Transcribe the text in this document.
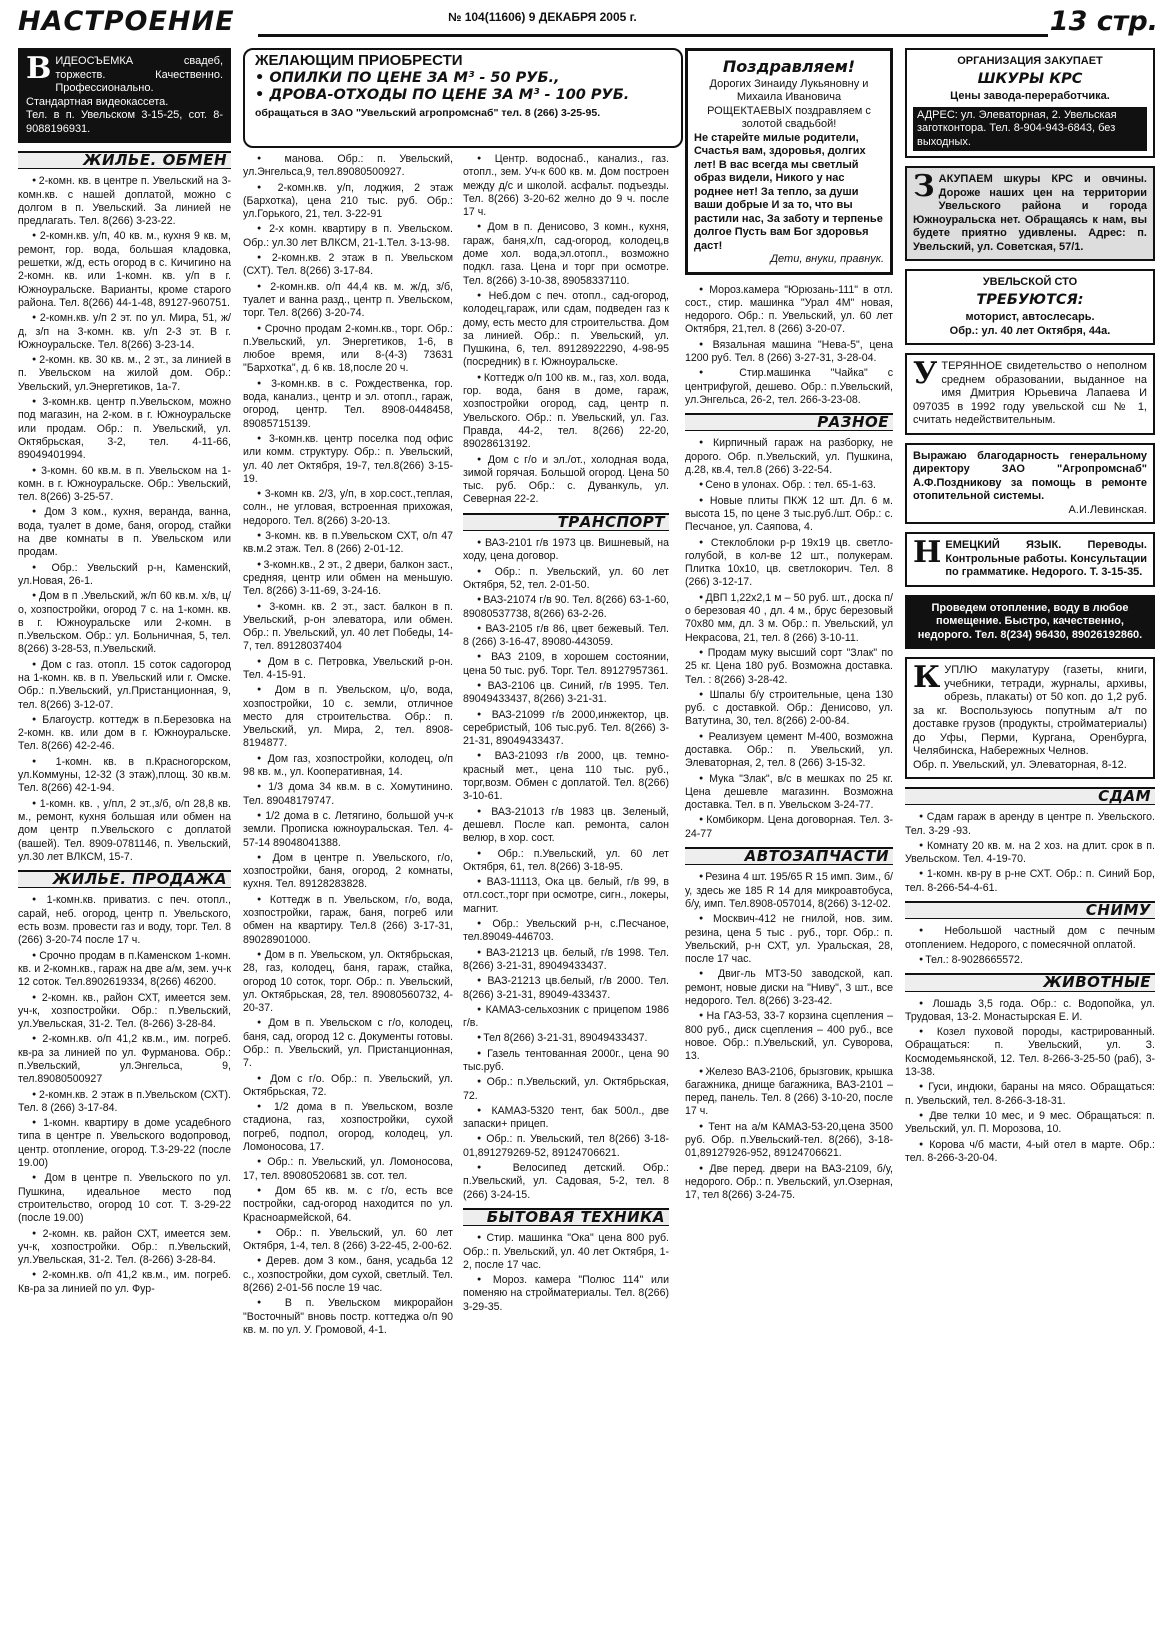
НАСТРОЕНИЕ	№ 104(11606) 9 ДЕКАБРЯ 2005 г.	13 стр.
В ИДЕОСЪЕМКА свадеб, торжеств. Качественно. Профессионально. Стандартная видеокассета.
Тел. в п. Увельском 3-15-25, сот. 8-9088196931.
ЖИЛЬЕ. ОБМЕН

● 2-комн. кв. в центре п. Увельский на 3-комн.кв. с нашей доплатой, можно с долгом в п. Увельский. За линией не предлагать. Тел. 8(266) 3-23-22.

● 2-комн.кв. у/п, 40 кв. м., кухня 9 кв. м, ремонт, гор. вода, большая кладовка, решетки, ж/д, есть огород в с. Кичигино на 2-комн. кв. или 1-комн. кв. у/п в г. Южноуральске. Варианты, кроме старого района. Тел. 8(266) 44-1-48, 89127-960751.

● 2-комн.кв. у/п 2 эт. по ул. Мира, 51, ж/д, з/п на 3-комн. кв. у/п 2-3 эт. В г. Южноуральске. Тел. 8(266) 3-23-14.

● 2-комн. кв. 30 кв. м., 2 эт., за линией в п. Увельском на жилой дом. Обр.: Увельский, ул.Энергетиков, 1а-7.

● 3-комн.кв. центр п.Увельском, можно под магазин, на 2-ком. в г. Южноуральске или продам. Обр.: п. Увельский, ул. Октябрьская, 3-2, тел. 4-11-66, 89049401994.

● 3-комн. 60 кв.м. в п. Увельском на 1-комн. в г. Южноуральске. Обр.: Увельский, тел. 8(266) 3-25-57.

● Дом 3 ком., кухня, веранда, ванна, вода, туалет в доме, баня, огород, стайки на две комнаты в п. Увельском или продам.

● Обр.: Увельский р-н, Каменский, ул.Новая, 26-1.

● Дом в п .Увельский, ж/п 60 кв.м. х/в, ц/о, хозпостройки, огород 7 с. на 1-комн. кв. в г. Южноуральске или 2-комн. в п.Увельском. Обр.: ул. Больничная, 5, тел. 8(266) 3-28-53, п.Увельский.

● Дом с газ. отопл. 15 соток садогород на 1-комн. кв. в п. Увельский или г. Омске. Обр.: п.Увельский, ул.Пристанционная, 9, тел. 8(266) 3-12-07.

● Благоустр. коттедж в п.Березовка на 2-комн. кв. или дом в г. Южноуральске. Тел. 8(266) 42-2-46.

● 1-комн. кв. в п.Красногорском, ул.Коммуны, 12-32 (3 этаж),площ. 30 кв.м. Тел. 8(266) 42-1-94.

● 1-комн. кв. , у/пл, 2 эт.,з/б, о/п 28,8 кв. м., ремонт, кухня большая или обмен на дом центр п.Увельского с доплатой (вашей). Тел. 8909-0781146, п. Увельский, ул.30 лет ВЛКСМ, 15-7.

ЖИЛЬЕ. ПРОДАЖА

● 1-комн.кв. приватиз. с печ. отопл., сарай, неб. огород, центр п. Увельского, есть возм. провести газ и воду, торг. Тел. 8 (266) 3-20-74 после 17 ч.

● Срочно продам в п.Каменском 1-комн. кв. и 2-комн.кв., гараж на две а/м, зем. уч-к 12 соток. Тел.8902619334, 8(266) 46200.

● 2-комн. кв., район СХТ, имеется зем. уч-к, хозпостройки. Обр.: п.Увельский, ул.Увельская, 31-2. Тел. (8-266) 3-28-84.

● 2-комн.кв. о/п 41,2 кв.м., им. погреб. кв-ра за линией по ул. Фурманова. Обр.: п.Увельский, ул.Энгельса, 9, тел.89080500927

● 2-комн.кв. 2 этаж в п.Увельском (СХТ). Тел. 8 (266) 3-17-84.

● 1-комн. квартиру в доме усадебного типа в центре п. Увельского водопровод, центр. отопление, огород. Т.3-29-22 (после 19.00)

● Дом в центре п. Увельского по ул. Пушкина, идеальное место под строительство, огород 10 сот. Т. 3-29-22 (после 19.00)

● 2-комн. кв. район СХТ, имеется зем. уч-к, хозпостройки. Обр.: п.Увельский, ул.Увельская, 31-2. Тел. (8-266) 3-28-84.

● 2-комн.кв. о/п 41,2 кв.м., им. погреб. Кв-ра за линией по ул. Фур-

ЖЕЛАЮЩИМ ПРИОБРЕСТИ
• ОПИЛКИ ПО ЦЕНЕ ЗА М³ - 50 РУБ.,
• ДРОВА-ОТХОДЫ ПО ЦЕНЕ ЗА М³ - 100 РУБ.
обращаться в ЗАО "Увельский агропромснаб" тел. 8 (266) 3-25-95.

● манова. Обр.: п. Увельский, ул.Энгельса,9, тел.89080500927.

● 2-комн.кв. у/п, лоджия, 2 этаж (Бархотка), цена 210 тыс. руб. Обр.: ул.Горького, 21, тел. 3-22-91

● 2-х комн. квартиру в п. Увельском. Обр.: ул.30 лет ВЛКСМ, 21-1.Тел. 3-13-98.

● 2-комн.кв. 2 этаж в п. Увельском (СХТ). Тел. 8(266) 3-17-84.

● 2-комн.кв. о/п 44,4 кв. м. ж/д, з/б, туалет и ванна разд., центр п. Увельском, торг. Тел. 8(266) 3-20-74.

● Срочно продам 2-комн.кв., торг. Обр.: п.Увельский, ул. Энергетиков, 1-6, в любое время, или 8-(4-3) 73631 "Бархотка", д. 6 кв. 18,после 20 ч.

● 3-комн.кв. в с. Рождественка, гор. вода, канализ., центр и эл. отопл., гараж, огород, центр. Тел. 8908-0448458, 89085715139.

● 3-комн.кв. центр поселка под офис или комм. структуру. Обр.: п. Увельский, ул. 40 лет Октября, 19-7, тел.8(266) 3-15-19.

● 3-комн кв. 2/3, у/п, в хор.сост.,теплая, солн., не угловая, встроенная прихожая, недорого. Тел. 8(266) 3-20-13.

● 3-комн. кв. в п.Увельском СХТ, о/п 47 кв.м.2 этаж. Тел. 8 (266) 2-01-12.

● 3-комн.кв., 2 эт., 2 двери, балкон заст., средняя, центр или обмен на меньшую. Тел. 8(266) 3-11-69, 3-24-16.

● 3-комн. кв. 2 эт., заст. балкон в п. Увельский, р-он элеватора, или обмен. Обр.: п. Увельский, ул. 40 лет Победы, 14-7, тел. 89128037404

● Дом в с. Петровка, Увельский р-он. Тел. 4-15-91.

● Дом в п. Увельском, ц/о, вода, хозпостройки, 10 с. земли, отличное место для строительства. Обр.: п. Увельский, ул. Мира, 2, тел. 8908-8194877.

● Дом газ, хозпостройки, колодец, о/п 98 кв. м., ул. Кооперативная, 14.

● 1/3 дома 34 кв.м. в с. Хомутинино. Тел. 89048179747.

● 1/2 дома в с. Летягино, большой уч-к земли. Прописка южноуральская. Тел. 4-57-14 89048041388.

● Дом в центре п. Увельского, г/о, хозпостройки, баня, огород, 2 комнаты, кухня. Тел. 89128283828.

● Коттедж в п. Увельском, г/о, вода, хозпостройки, гараж, баня, погреб или обмен на квартиру. Тел.8 (266) 3-17-31, 89028901000.

● Дом в п. Увельском, ул. Октябрьская, 28, газ, колодец, баня, гараж, стайка, огород 10 соток, торг. Обр.: п. Увельский, ул. Октябрьская, 28, тел. 89080560732, 4-20-37.

● Дом в п. Увельском с г/о, колодец, баня, сад, огород 12 с. Документы готовы. Обр.: п. Увельский, ул. Пристанционная, 7.

● Дом с г/о. Обр.: п. Увельский, ул. Октябрьская, 72.

● 1/2 дома в п. Увельском, возле стадиона, газ, хозпостройки, сухой погреб, подпол, огород, колодец, ул. Ломоносова, 17.

● Обр.: п. Увельский, ул. Ломоносова, 17, тел. 89080520681 зв. сот. тел.

● Дом 65 кв. м. с г/о, есть все постройки, сад-огород находится по ул. Красноармейской, 64.

● Обр.: п. Увельский, ул. 60 лет Октября, 1-4, тел. 8 (266) 3-22-45, 2-00-62.

● Дерев. дом 3 ком., баня, усадьба 12 с., хозпостройки, дом сухой, светлый. Тел. 8(266) 2-01-56 после 19 час.

● В п. Увельском микрорайон "Восточный" вновь постр. коттеджа о/п 90 кв. м. по ул. У. Громовой, 4-1.

● Центр. водоснаб., канализ., газ. отопл., зем. Уч-к 600 кв. м. Дом построен между д/с и школой. асфальт. подъезды. Тел. 8(266) 3-20-62 желно до 9 ч. после 17 ч.

● Дом в п. Денисово, 3 комн., кухня, гараж, баня,х/п, сад-огород, колодец,в доме хол. вода,эл.отопл., возможно подкл. газа. Цена и торг при осмотре. Тел. 8(266) 3-10-38, 89058337110.

● Неб.дом с печ. отопл., сад-огород, колодец,гараж, или сдам, подведен газ к дому, есть место для строительства. Дом за линией. Обр.: п. Увельский, ул. Пушкина, 6, тел. 89128922290, 4-98-95 (посредник) в г. Южноуральске.

● Коттедж о/п 100 кв. м., газ, хол. вода, гор. вода, баня в доме, гараж, хозпостройки огород, сад, центр п. Увельского. Обр.: п. Увельский, ул. Газ. Правда, 44-2, тел. 8(266) 22-20, 89028613192.

● Дом с г/о и эл./от., холодная вода, зимой горячая. Большой огород. Цена 50 тыс. руб. Обр.: с. Дуванкуль, ул. Северная 22-2.

ТРАНСПОРТ

● ВАЗ-2101 г/в 1973 цв. Вишневый, на ходу, цена договор.

● Обр.: п. Увельский, ул. 60 лет Октября, 52, тел. 2-01-50.

● ВАЗ-21074 г/в 90. Тел. 8(266) 63-1-60, 89080537738, 8(266) 63-2-26.

● ВАЗ-2105 г/в 86, цвет бежевый. Тел. 8 (266) 3-16-47, 89080-443059.

● ВАЗ 2109, в хорошем состоянии, цена 50 тыс. руб. Торг. Тел. 89127957361.

● ВАЗ-2106 цв. Синий, г/в 1995. Тел. 89049433437, 8(266) 3-21-31.

● ВАЗ-21099 г/в 2000,инжектор, цв. серебристый, 106 тыс.руб. Тел. 8(266) 3-21-31, 89049433437.

● ВАЗ-21093 г/в 2000, цв. темно-красный мет., цена 110 тыс. руб., торг,возм. Обмен с доплатой. Тел. 8(266) 3-10-61.

● ВАЗ-21013 г/в 1983 цв. Зеленый, дешевл. После кап. ремонта, салон велюр, в хор. сост.

● Обр.: п.Увельский, ул. 60 лет Октября, 61, тел. 8(266) 3-18-95.

● ВАЗ-11113, Ока цв. белый, г/в 99, в отл.сост.,торг при осмотре, сигн., локеры, магнит.

● Обр.: Увельский р-н, с.Песчаное, тел.89049-446703.

● ВАЗ-21213 цв. белый, г/в 1998. Тел. 8(266) 3-21-31, 89049433437.

● ВАЗ-21213 цв.белый, г/в 2000. Тел. 8(266) 3-21-31, 89049-433437.

● КАМАЗ-сельхозник с прицепом 1986 г/в.

● Тел 8(266) 3-21-31, 89049433437.

● Газель тентованная 2000г., цена 90 тыс.руб.

● Обр.: п.Увельский, ул. Октябрьская, 72.

● КАМАЗ-5320 тент, бак 500л., две запаски+ прицеп.

● Обр.: п. Увельский, тел 8(266) 3-18-01,891279269-52, 89124706621.

● Велосипед детский. Обр.: п.Увельский, ул. Садовая, 5-2, тел. 8 (266) 3-24-15.

БЫТОВАЯ ТЕХНИКА

● Стир. машинка "Ока" цена 800 руб. Обр.: п. Увельский, ул. 40 лет Октября, 1-2, после 17 час.

● Мороз. камера "Полюс 114" или поменяю на стройматериалы. Тел. 8(266) 3-29-35.

Поздравляем!
Дорогих Зинаиду Лукьяновну и Михаила Ивановича РОЩЕКТАЕВЫХ поздравляем с золотой свадьбой!
Не старейте милые родители, Счастья вам, здоровья, долгих лет! В вас всегда мы светлый образ видели, Никого у нас роднее нет! За тепло, за души ваши добрые И за то, что вы растили нас, За заботу и терпенье долгое Пусть вам Бог здоровья даст!
Дети, внуки, правнук.

● Мороз.камера "Юрюзань-111" в отл. сост., стир. машинка "Урал 4М" новая, недорого. Обр.: п. Увельский, ул. 60 лет Октября, 21,тел. 8 (266) 3-20-07.

● Вязальная машина "Нева-5", цена 1200 руб. Тел. 8 (266) 3-27-31, 3-28-04.

● Стир.машинка "Чайка" с центрифугой, дешево. Обр.: п.Увельский, ул.Энгельса, 26-2, тел. 266-3-23-08.

РАЗНОЕ

● Кирпичный гараж на разборку, не дорого. Обр. п.Увельский, ул. Пушкина, д.28, кв.4, тел.8 (266) 3-22-54.

● Сено в улонах. Обр. : тел. 65-1-63.

● Новые плиты ПКЖ 12 шт. Дл. 6 м. высота 15, по цене 3 тыс.руб./шт. Обр.: с. Песчаное, ул. Саяпова, 4.

● Стеклоблоки р-р 19x19 цв. светло-голубой, в кол-ве 12 шт., полукерам. Плитка 10х10, цв. светлокорич. Тел. 8 (266) 3-12-17.

● ДВП 1,22х2,1 м – 50 руб. шт., доска п/о березовая 40 , дл. 4 м., брус березовый 70х80 мм, дл. 3 м. Обр.: п. Увельский, ул Некрасова, 21, тел. 8 (266) 3-10-11.

● Продам муку высший сорт "Злак" по 25 кг. Цена 180 руб. Возможна доставка. Тел. : 8(266) 3-28-42.

● Шпалы б/у строительные, цена 130 руб. с доставкой. Обр.: Денисово, ул. Ватутина, 30, тел. 8(266) 2-00-84.

● Реализуем цемент М-400, возможна доставка. Обр.: п. Увельский, ул. Элеваторная, 2, тел. 8 (266) 3-15-32.

● Мука "Злак", в/с в мешках по 25 кг. Цена дешевле магазинн. Возможна доставка. Тел. в п. Увельском 3-24-77.

● Комбикорм. Цена договорная. Тел. 3-24-77

АВТОЗАПЧАСТИ

● Резина 4 шт. 195/65 R 15 имп. Зим., б/у, здесь же 185 R 14 для микроавтобуса, б/у, имп. Тел.8908-057014, 8(266) 3-12-02.

● Москвич-412 не гнилой, нов. зим. резина, цена 5 тыс . руб., торг. Обр.: п. Увельский, р-н СХТ, ул. Уральская, 28, после 17 час.

● Двиг-ль МТЗ-50 заводской, кап. ремонт, новые диски на "Ниву", 3 шт., все недорого. Тел. 8(266) 3-23-42.

● На ГАЗ-53, 33-7 корзина сцепления –800 руб., диск сцепления – 400 руб., все новое. Обр.: п.Увельский, ул. Суворова, 13.

● Железо ВАЗ-2106, брызговик, крышка багажника, днище багажника, ВАЗ-2101 – перед, панель. Тел. 8 (266) 3-10-20, после 17 ч.

● Тент на а/м КАМАЗ-53-20,цена 3500 руб. Обр. п.Увельский-тел. 8(266), 3-18-01,89127926-952, 89124706621.

● Две перед. двери на ВАЗ-2109, б/у, недорого. Обр.: п. Увельский, ул.Озерная, 17, тел 8(266) 3-24-75.

ОРГАНИЗАЦИЯ ЗАКУПАЕТ
ШКУРЫ КРС
Цены завода-переработчика.
АДРЕС: ул. Элеваторная, 2. Увельская заготконтора. Тел. 8-904-943-6843, без выходных.
З АКУПАЕМ шкуры КРС и овчины. Дороже наших цен на территории Увельского района и города Южноуральска нет. Обращаясь к нам, вы будете приятно удивлены. Адрес: п. Увельский, ул. Советская, 57/1.
УВЕЛЬСКОЙ СТО
ТРЕБУЮТСЯ:
моторист, автослесарь.
Обр.: ул. 40 лет Октября, 44а.
У ТЕРЯННОЕ свидетельство о неполном среднем образовании, выданное на имя Дмитрия Юрьевича Лапаева И 097035 в 1992 году увельской сш № 1, считать недействительным.
Выражаю благодарность генеральному директору ЗАО "Агропромснаб" А.Ф.Поздникову за помощь в ремонте отопительной системы.
А.И.Левинская.
Н ЕМЕЦКИЙ ЯЗЫК. Переводы. Контрольные работы. Консультации по грамматике. Недорого. Т. 3-15-35.
Проведем отопление, воду в любое помещение. Быстро, качественно, недорого. Тел. 8(234) 96430, 89026192860.
К УПЛЮ макулатуру (газеты, книги, учебники, тетради, журналы, архивы, обрезь, плакаты) от 50 коп. до 1,2 руб. за кг. Воспользуюсь попутным а/т по доставке грузов (продукты, стройматериалы) до Уфы, Перми, Кургана, Оренбурга, Челябинска, Набережных Челнов.
Обр. п. Увельский, ул. Элеваторная, 8-12.
СДАМ

● Сдам гараж в аренду в центре п. Увельского. Тел. 3-29 -93.

● Комнату 20 кв. м. на 2 хоз. на длит. срок в п. Увельском. Тел. 4-19-70.

● 1-комн. кв-ру в р-не СХТ. Обр.: п. Синий Бор, тел. 8-266-54-4-61.

СНИМУ

● Небольшой частный дом с печным отоплением. Недорого, с помесячной оплатой.

● Тел.: 8-9028665572.

ЖИВОТНЫЕ

● Лошадь 3,5 года. Обр.: с. Водопойка, ул. Трудовая, 13-2. Монастырская Е. И.

● Козел пуховой породы, кастрированный. Обращаться: п. Увельский, ул. З. Космодемьянской, 12. Тел. 8-266-3-25-50 (раб), 3-13-38.

● Гуси, индюки, бараны на мясо. Обращаться: п. Увельский, тел. 8-266-3-18-31.

● Две телки 10 мес, и 9 мес. Обращаться: п. Увельский, ул. П. Морозова, 10.

● Корова ч/б масти, 4-ый отел в марте. Обр.: тел. 8-266-3-20-04.
